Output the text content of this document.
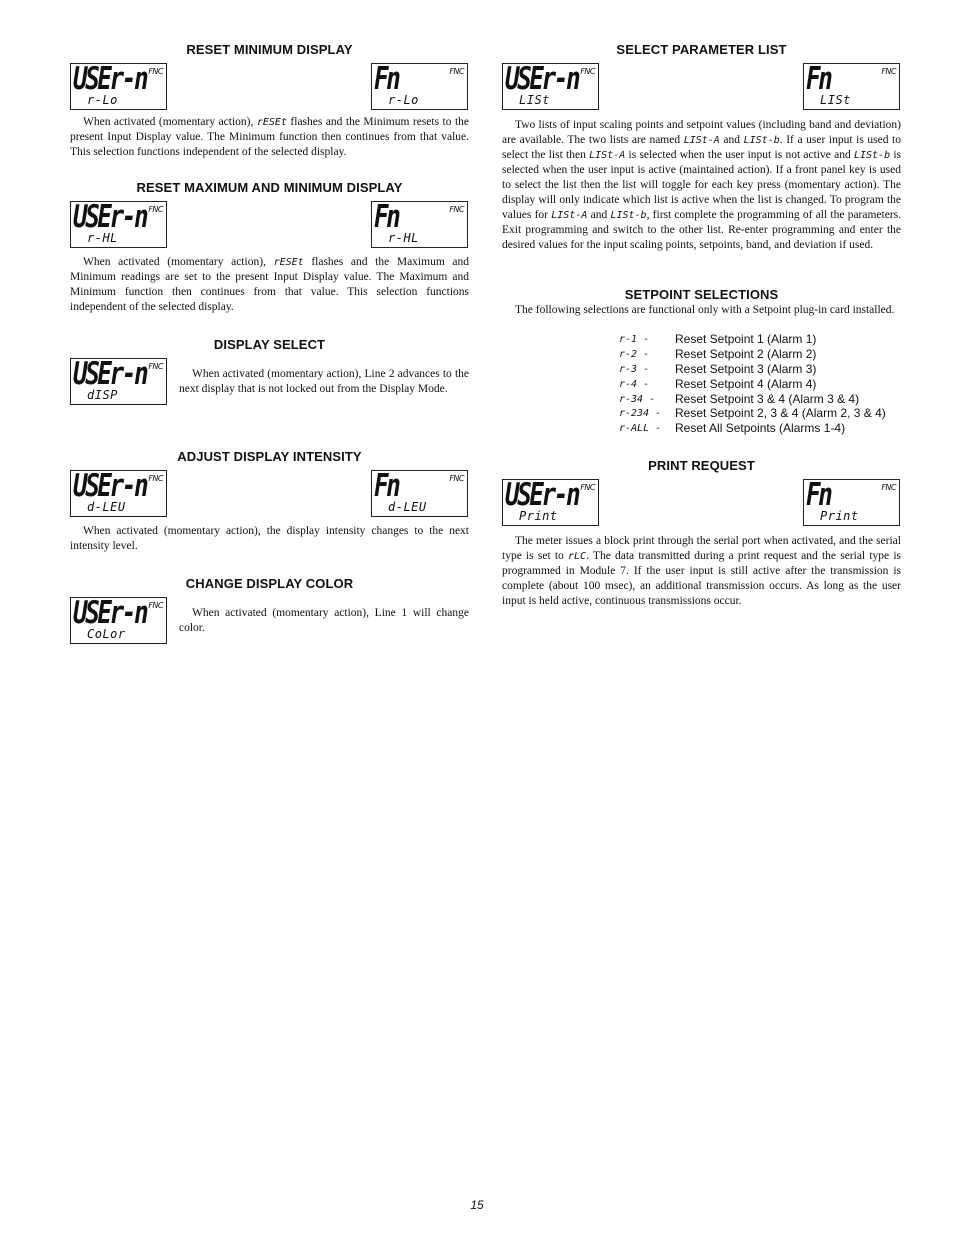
RESET MINIMUM DISPLAY
USEr-n FNC
r-Lo
Fn	FNC
r-Lo

When activated (momentary action), rESEt flashes and the Minimum resets to the present Input Display value. The Minimum function then continues from that value. This selection functions independent of the selected display.

RESET MAXIMUM AND MINIMUM DISPLAY
USEr-n FNC
r-HL
Fn	FNC
r-HL

When activated (momentary action), rESEt flashes and the Maximum and Minimum readings are set to the present Input Display value. The Maximum and Minimum function then continues from that value. This selection functions independent of the selected display.

DISPLAY SELECT
USEr-n FNC
dISP

When activated (momentary action), Line 2 advances to the next display that is not locked out from the Display Mode.

ADJUST DISPLAY INTENSITY
USEr-n FNC
d-LEU
Fn	FNC
d-LEU

When activated (momentary action), the display intensity changes to the next intensity level.

CHANGE DISPLAY COLOR
USEr-n FNC
CoLor

When activated (momentary action), Line 1 will change color.

SELECT PARAMETER LIST
USEr-n FNC
LISt
Fn	FNC
LISt

Two lists of input scaling points and setpoint values (including band and deviation) are available. The two lists are named LISt-A and LISt-b. If a user input is used to select the list then LISt-A is selected when the user input is not active and LISt-b is selected when the user input is active (maintained action). If a front panel key is used to select the list then the list will toggle for each key press (momentary action). The display will only indicate which list is active when the list is changed. To program the values for LISt-A and LISt-b, first complete the programming of all the parameters. Exit programming and switch to the other list. Re-enter programming and enter the desired values for the input scaling points, setpoints, band, and deviation if used.

SETPOINT SELECTIONS

The following selections are functional only with a Setpoint plug-in card installed.

r-1 -	Reset Setpoint 1 (Alarm 1)
r-2 -	Reset Setpoint 2 (Alarm 2)
r-3 -	Reset Setpoint 3 (Alarm 3)
r-4 -	Reset Setpoint 4 (Alarm 4)
r-34 -	Reset Setpoint 3 & 4 (Alarm 3 & 4)
r-234 -	Reset Setpoint 2, 3 & 4 (Alarm 2, 3 & 4)
r-ALL -	Reset All Setpoints (Alarms 1-4)
PRINT REQUEST
USEr-n FNC
Print
Fn	FNC
Print

The meter issues a block print through the serial port when activated, and the serial type is set to rLC. The data transmitted during a print request and the serial type is programmed in Module 7. If the user input is still active after the transmission is complete (about 100 msec), an additional transmission occurs. As long as the user input is held active, continuous transmissions occur.

15
